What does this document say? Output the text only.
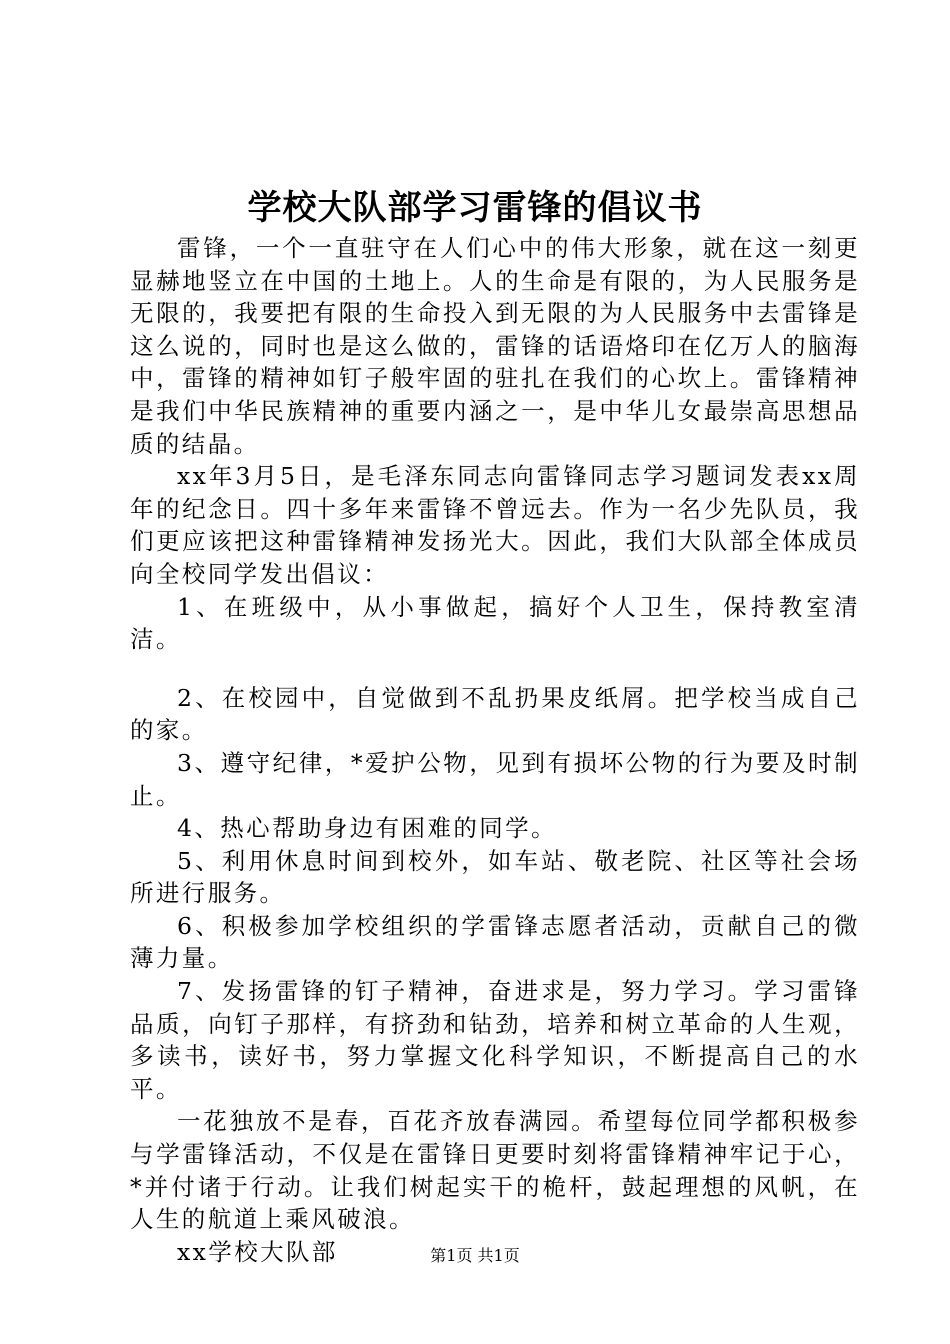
学校大队部学习雷锋的倡议书

雷锋，一个一直驻守在人们心中的伟大形象，就在这一刻更显赫地竖立在中国的土地上。人的生命是有限的，为人民服务是无限的，我要把有限的生命投入到无限的为人民服务中去雷锋是这么说的，同时也是这么做的，雷锋的话语烙印在亿万人的脑海中，雷锋的精神如钉子般牢固的驻扎在我们的心坎上。雷锋精神是我们中华民族精神的重要内涵之一，是中华儿女最崇高思想品质的结晶。

xx年3月5日，是毛泽东同志向雷锋同志学习题词发表xx周年的纪念日。四十多年来雷锋不曾远去。作为一名少先队员，我们更应该把这种雷锋精神发扬光大。因此，我们大队部全体成员向全校同学发出倡议：

1、在班级中，从小事做起，搞好个人卫生，保持教室清洁。

2、在校园中，自觉做到不乱扔果皮纸屑。把学校当成自己的家。

3、遵守纪律，*爱护公物，见到有损坏公物的行为要及时制止。

4、热心帮助身边有困难的同学。

5、利用休息时间到校外，如车站、敬老院、社区等社会场所进行服务。

6、积极参加学校组织的学雷锋志愿者活动，贡献自己的微薄力量。

7、发扬雷锋的钉子精神，奋进求是，努力学习。学习雷锋品质，向钉子那样，有挤劲和钻劲，培养和树立革命的人生观，多读书，读好书，努力掌握文化科学知识，不断提高自己的水平。

一花独放不是春，百花齐放春满园。希望每位同学都积极参与学雷锋活动，不仅是在雷锋日更要时刻将雷锋精神牢记于心，*并付诸于行动。让我们树起实干的桅杆，鼓起理想的风帆，在人生的航道上乘风破浪。

xx学校大队部	第1页 共1页
